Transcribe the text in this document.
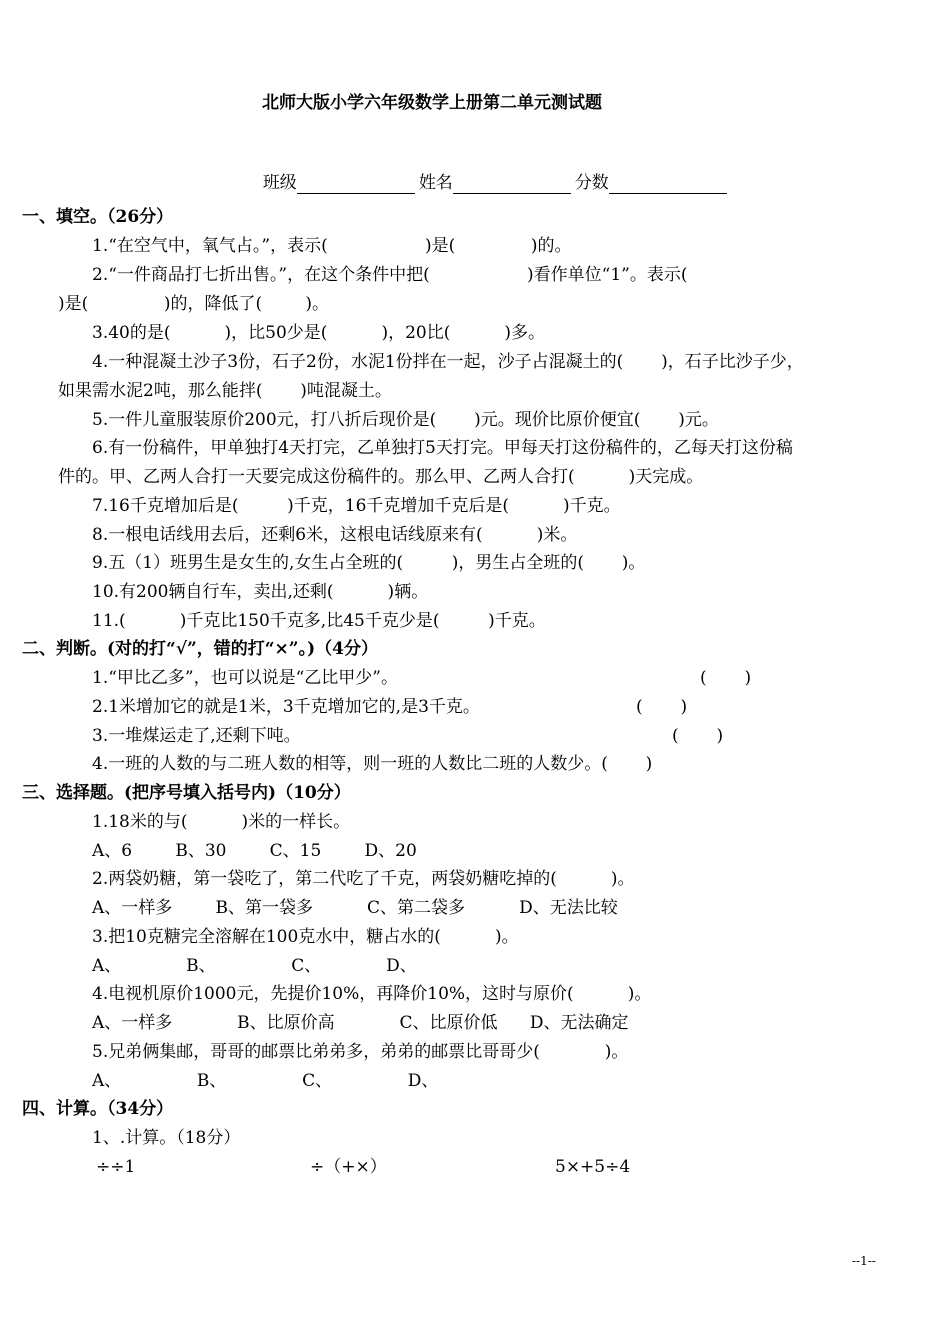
北师大版小学六年级数学上册第二单元测试题

班级	姓名	分数

一、填空。（26分）
1.“在空气中，氧气占。”，表示(                  )是(              )的。
2.“一件商品打七折出售。”，在这个条件中把(                  )看作单位“1”。表示(
)是(              )的，降低了(        )。
3.40的是(          )，比50少是(          )，20比(          )多。
4.一种混凝土沙子3份，石子2份，水泥1份拌在一起，沙子占混凝土的(       )，石子比沙子少，
如果需水泥2吨，那么能拌(       )吨混凝土。
5.一件儿童服装原价200元，打八折后现价是(       )元。现价比原价便宜(       )元。
6.有一份稿件，甲单独打4天打完，乙单独打5天打完。甲每天打这份稿件的，乙每天打这份稿
件的。甲、乙两人合打一天要完成这份稿件的。那么甲、乙两人合打(          )天完成。
7.16千克增加后是(         )千克，16千克增加千克后是(          )千克。
8.一根电话线用去后，还剩6米，这根电话线原来有(          )米。
9.五（1）班男生是女生的,女生占全班的(         )，男生占全班的(       )。
10.有200辆自行车，卖出,还剩(          )辆。
11.(          )千克比150千克多,比45千克少是(         )千克。
二、判断。(对的打“√”，错的打“×”。)（4分）
1.“甲比乙多”，也可以说是“乙比甲少”。	(       )
2.1米增加它的就是1米，3千克增加它的,是3千克。	(       )
3.一堆煤运走了,还剩下吨。	(       )
4.一班的人数的与二班人数的相等，则一班的人数比二班的人数少。(       )
三、选择题。(把序号填入括号内)（10分）
1.18米的与(          )米的一样长。
A、6        B、30        C、15        D、20
2.两袋奶糖，第一袋吃了，第二代吃了千克，两袋奶糖吃掉的(          )。
A、一样多        B、第一袋多          C、第二袋多          D、无法比较
3.把10克糖完全溶解在100克水中，糖占水的(          )。
A、            B、              C、            D、
4.电视机原价1000元，先提价10%，再降价10%，这时与原价(          )。
A、一样多            B、比原价高            C、比原价低      D、无法确定
5.兄弟俩集邮，哥哥的邮票比弟弟多，弟弟的邮票比哥哥少(            )。
A、              B、              C、              D、
四、计算。（34分）
1、.计算。（18分）
÷÷1	÷（+×）	5×+5÷4
--1--
